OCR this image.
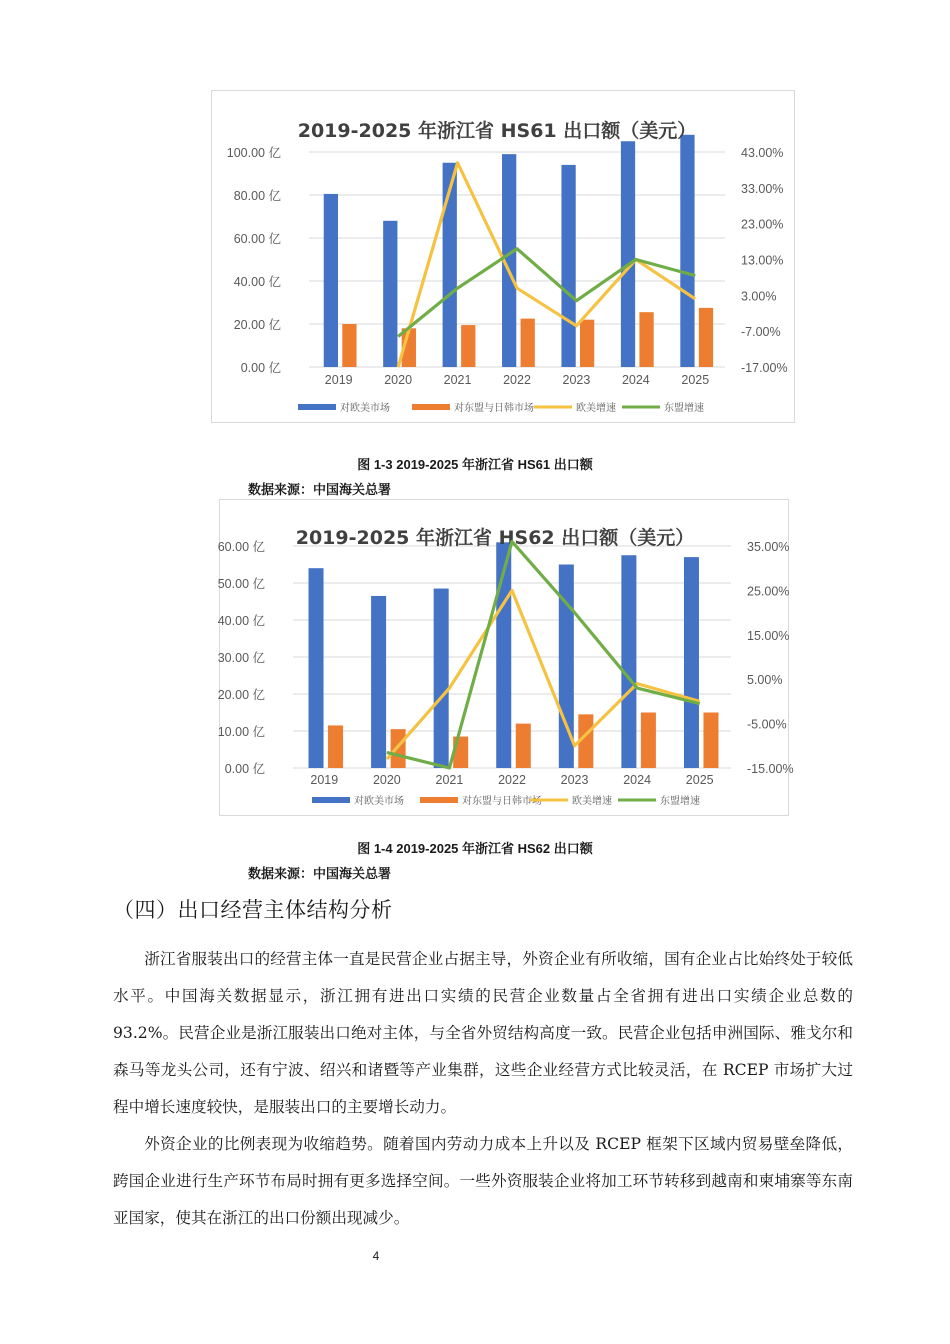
0.00 亿
20.00 亿
40.00 亿
60.00 亿
80.00 亿
100.00 亿
-17.00%
-7.00%
3.00%
13.00%
23.00%
33.00%
43.00%
2019	2020	2021	2022	2023	2024	2025
2019-2025 年浙江省 HS61 出口额（美元）
对欧美市场	对东盟与日韩市场	欧美增速	东盟增速
图 1-3 2019-2025 年浙江省 HS61 出口额
数据来源：中国海关总署
0.00 亿
10.00 亿
20.00 亿
30.00 亿
40.00 亿
50.00 亿
60.00 亿
-15.00%
-5.00%
5.00%
15.00%
25.00%
35.00%
2019	2020	2021	2022	2023	2024	2025
2019-2025 年浙江省 HS62 出口额（美元）
对欧美市场	对东盟与日韩市场	欧美增速	东盟增速
图 1-4 2019-2025 年浙江省 HS62 出口额
数据来源：中国海关总署
（四）出口经营主体结构分析

浙江省服装出口的经营主体一直是民营企业占据主导，外资企业有所收缩，国有企业占比始终处于较低水平。中国海关数据显示，浙江拥有进出口实绩的民营企业数量占全省拥有进出口实绩企业总数的 93.2%。民营企业是浙江服装出口绝对主体，与全省外贸结构高度一致。民营企业包括申洲国际、雅戈尔和森马等龙头公司，还有宁波、绍兴和诸暨等产业集群，这些企业经营方式比较灵活，在 RCEP 市场扩大过程中增长速度较快，是服装出口的主要增长动力。

外资企业的比例表现为收缩趋势。随着国内劳动力成本上升以及 RCEP 框架下区域内贸易壁垒降低，跨国企业进行生产环节布局时拥有更多选择空间。一些外资服装企业将加工环节转移到越南和柬埔寨等东南亚国家，使其在浙江的出口份额出现减少。

4
